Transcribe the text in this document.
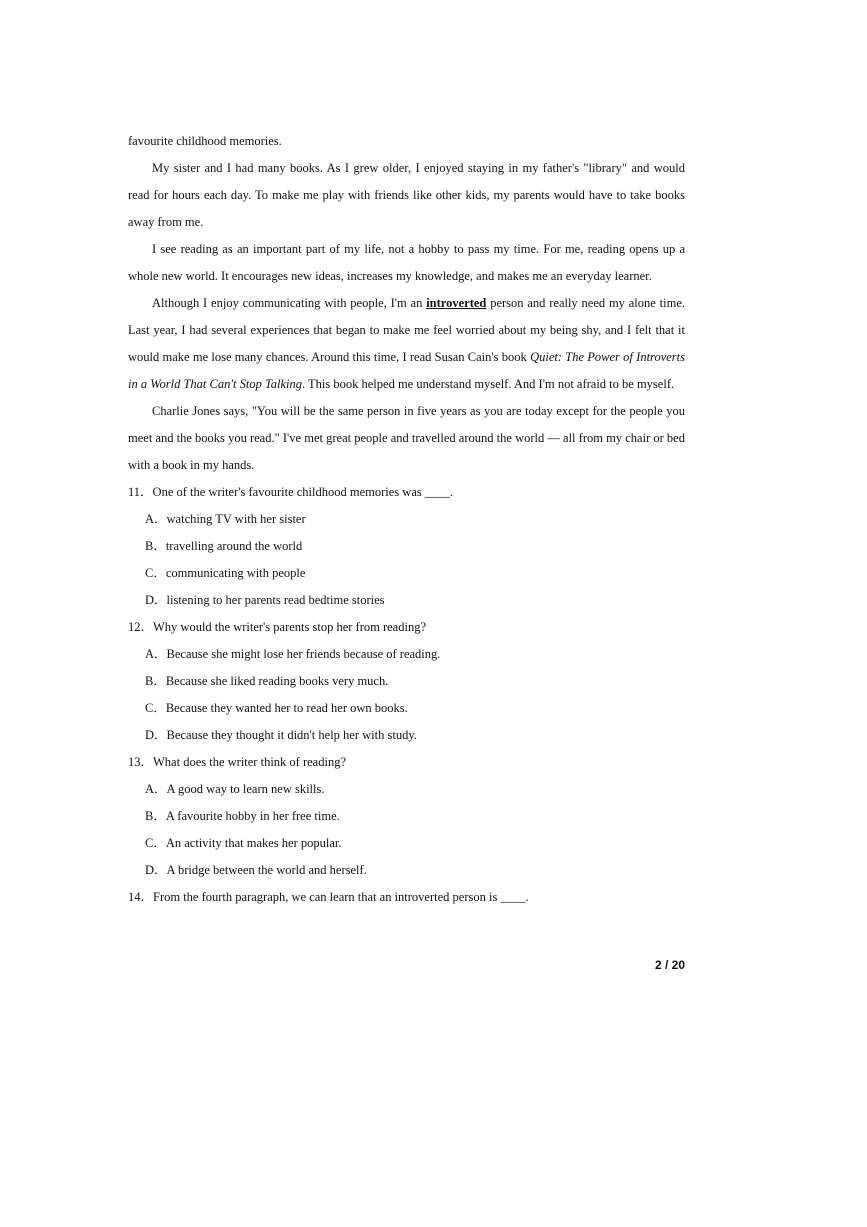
favourite childhood memories.

My sister and I had many books. As I grew older, I enjoyed staying in my father's "library" and would read for hours each day. To make me play with friends like other kids, my parents would have to take books away from me.

I see reading as an important part of my life, not a hobby to pass my time. For me, reading opens up a whole new world. It encourages new ideas, increases my knowledge, and makes me an everyday learner.

Although I enjoy communicating with people, I'm an introverted person and really need my alone time. Last year, I had several experiences that began to make me feel worried about my being shy, and I felt that it would make me lose many chances. Around this time, I read Susan Cain's book Quiet: The Power of Introverts in a World That Can't Stop Talking. This book helped me understand myself. And I'm not afraid to be myself.

Charlie Jones says, "You will be the same person in five years as you are today except for the people you meet and the books you read." I've met great people and travelled around the world — all from my chair or bed with a book in my hands.

11．One of the writer's favourite childhood memories was ____.

A．watching TV with her sister

B．travelling around the world

C．communicating with people

D．listening to her parents read bedtime stories

12．Why would the writer's parents stop her from reading?

A．Because she might lose her friends because of reading.

B．Because she liked reading books very much.

C．Because they wanted her to read her own books.

D．Because they thought it didn't help her with study.

13．What does the writer think of reading?

A．A good way to learn new skills.

B．A favourite hobby in her free time.

C．An activity that makes her popular.

D．A bridge between the world and herself.

14．From the fourth paragraph, we can learn that an introverted person is ____.

2 / 20
